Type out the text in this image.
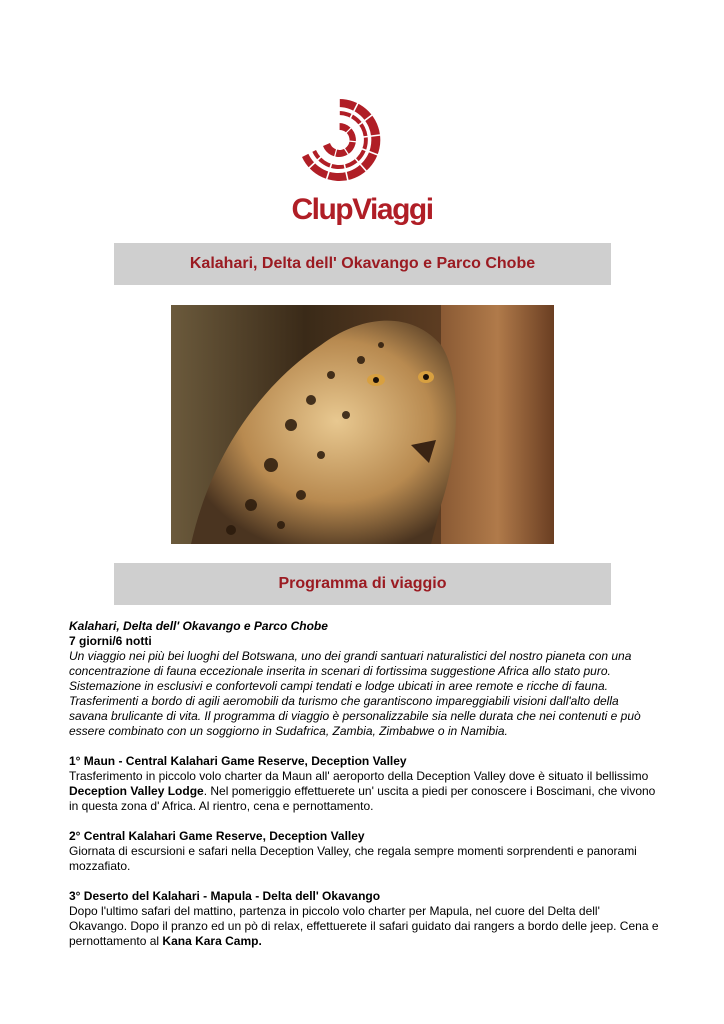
ClupViaggi
Kalahari, Delta dell' Okavango e Parco Chobe
Programma di viaggio

Kalahari, Delta dell' Okavango e Parco Chobe

7 giorni/6 notti

Un viaggio nei più bei luoghi del Botswana, uno dei grandi santuari naturalistici del nostro pianeta con una concentrazione di fauna eccezionale inserita in scenari di fortissima suggestione Africa allo stato puro. Sistemazione in esclusivi e confortevoli campi tendati e lodge ubicati in aree remote e ricche di fauna. Trasferimenti a bordo di agili aeromobili da turismo che garantiscono impareggiabili visioni dall'alto della savana brulicante di vita. Il programma di viaggio è personalizzabile sia nelle durata che nei contenuti e può essere combinato con un soggiorno in Sudafrica, Zambia, Zimbabwe o in Namibia.

1° Maun - Central Kalahari Game Reserve, Deception Valley

Trasferimento in piccolo volo charter da Maun all' aeroporto della Deception Valley dove è situato il bellissimo Deception Valley Lodge. Nel pomeriggio effettuerete un' uscita a piedi per conoscere i Boscimani, che vivono in questa zona d' Africa. Al rientro, cena e pernottamento.

2° Central Kalahari Game Reserve, Deception Valley

Giornata di escursioni e safari nella Deception Valley, che regala sempre momenti sorprendenti e panorami mozzafiato.

3° Deserto del Kalahari - Mapula - Delta dell' Okavango

Dopo l'ultimo safari del mattino, partenza in piccolo volo charter per Mapula, nel cuore del Delta dell' Okavango. Dopo il pranzo ed un pò di relax, effettuerete il safari guidato dai rangers a bordo delle jeep. Cena e pernottamento al Kana Kara Camp.
